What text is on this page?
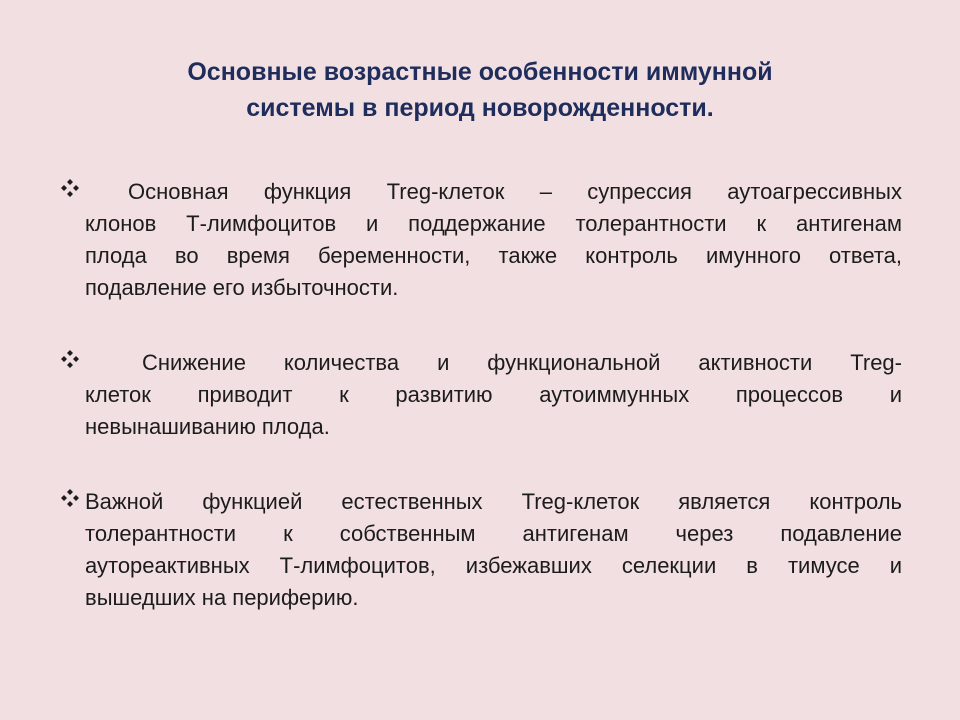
Основные возрастные особенности иммунной
системы в период новорожденности.
Основная функция Treg-клеток – супрессия аутоагрессивных
клонов Т-лимфоцитов и поддержание толерантности к антигенам
плода во время беременности, также контроль имунного ответа,
подавление его избыточности.
Снижение количества и функциональной активности Treg-
клеток приводит к развитию аутоиммунных процессов и
невынашиванию плода.
Важной функцией естественных Treg-клеток является контроль
толерантности к собственным антигенам через подавление
аутореактивных Т-лимфоцитов, избежавших селекции в тимусе и
вышедших на периферию.
